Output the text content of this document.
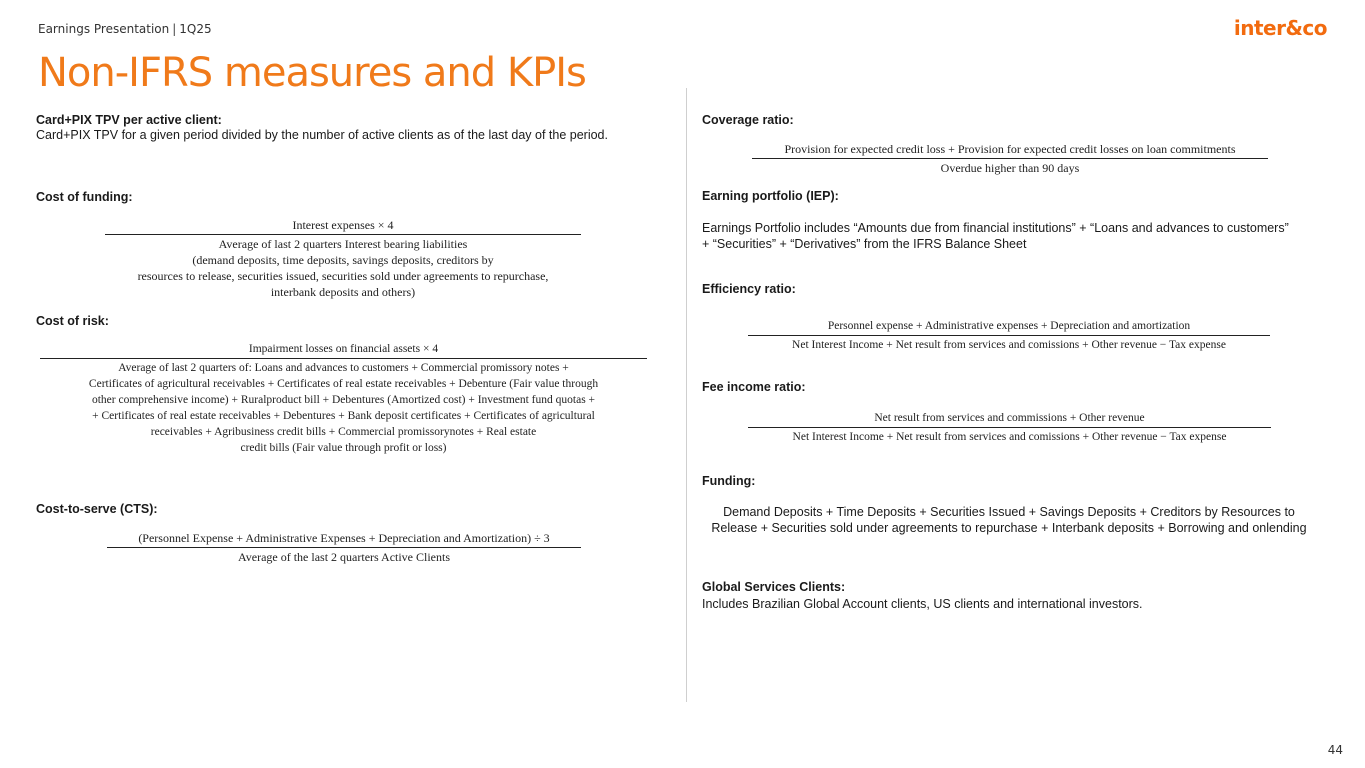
Earnings Presentation | 1Q25	inter&co
Non-IFRS measures and KPIs
Card+PIX TPV per active client:
Card+PIX TPV for a given period divided by the number of active clients as of the last day of the period.
Cost of funding:
Interest expenses × 4
Average of last 2 quarters Interest bearing liabilities
(demand deposits, time deposits, savings deposits, creditors by
resources to release, securities issued, securities sold under agreements to repurchase,
interbank deposits and others)
Cost of risk:
Impairment losses on financial assets × 4
Average of last 2 quarters of: Loans and advances to customers + Commercial promissory notes +
Certificates of agricultural receivables + Certificates of real estate receivables + Debenture (Fair value through
other comprehensive income) + Ruralproduct bill + Debentures (Amortized cost) + Investment fund quotas +
+ Certificates of real estate receivables + Debentures + Bank deposit certificates + Certificates of agricultural
receivables + Agribusiness credit bills + Commercial promissorynotes + Real estate
credit bills (Fair value through profit or loss)
Cost-to-serve (CTS):
(Personnel Expense + Administrative Expenses + Depreciation and Amortization) ÷ 3
Average of the last 2 quarters Active Clients
Coverage ratio:
Provision for expected credit loss + Provision for expected credit losses on loan commitments
Overdue higher than 90 days
Earning portfolio (IEP):
Earnings Portfolio includes “Amounts due from financial institutions” + “Loans and advances to customers” + “Securities” + “Derivatives” from the IFRS Balance Sheet
Efficiency ratio:
Personnel expense + Administrative expenses + Depreciation and amortization
Net Interest Income + Net result from services and comissions + Other revenue − Tax expense
Fee income ratio:
Net result from services and commissions + Other revenue
Net Interest Income + Net result from services and comissions + Other revenue − Tax expense
Funding:
Demand Deposits + Time Deposits + Securities Issued + Savings Deposits + Creditors by Resources to Release + Securities sold under agreements to repurchase + Interbank deposits + Borrowing and onlending
Global Services Clients:
Includes Brazilian Global Account clients, US clients and international investors.
44
